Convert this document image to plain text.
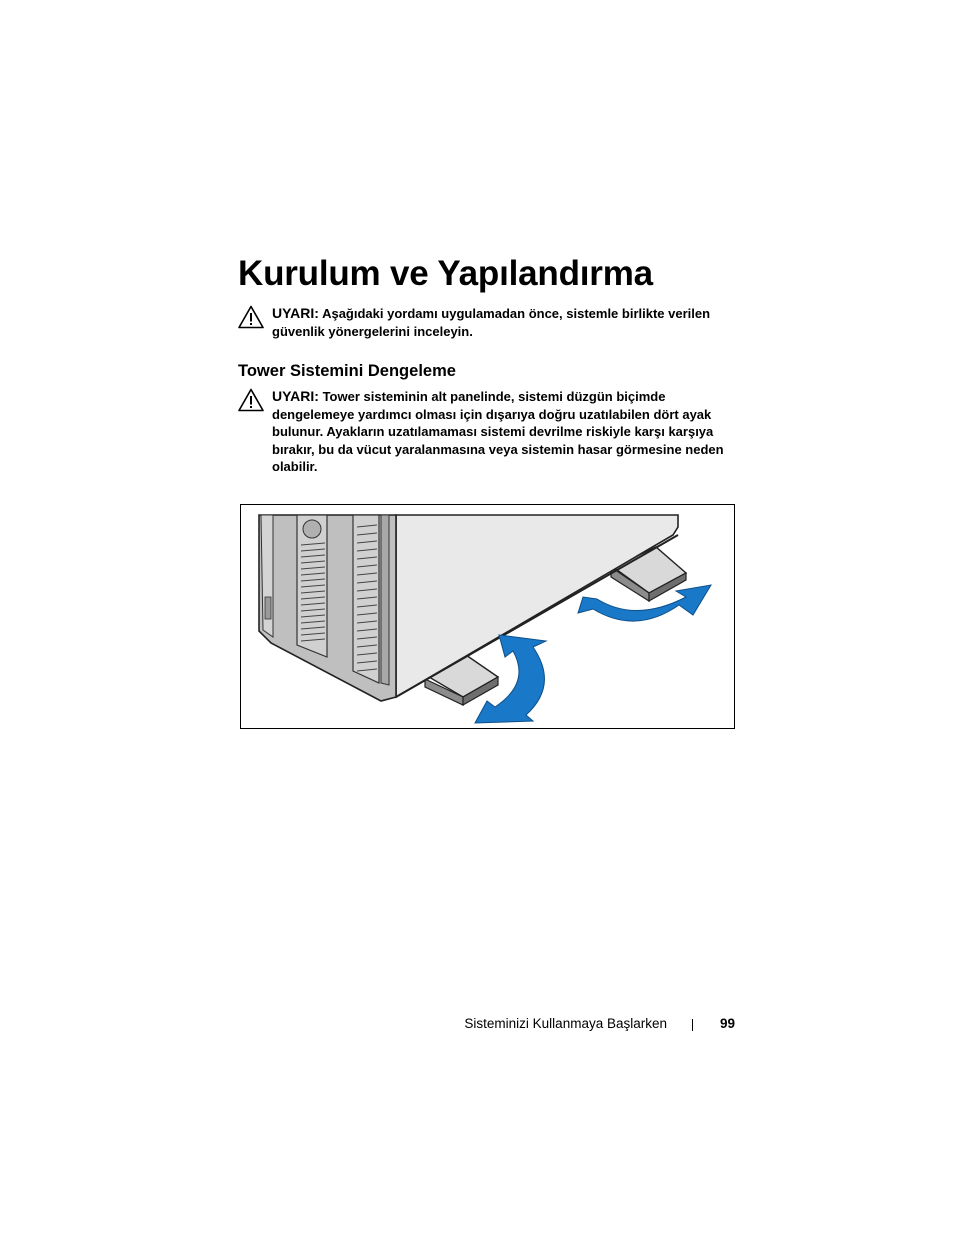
Kurulum ve Yapılandırma
UYARI: Aşağıdaki yordamı uygulamadan önce, sistemle birlikte verilen güvenlik yönergelerini inceleyin.
Tower Sistemini Dengeleme
UYARI: Tower sisteminin alt panelinde, sistemi düzgün biçimde dengelemeye yardımcı olması için dışarıya doğru uzatılabilen dört ayak bulunur. Ayakların uzatılamaması sistemi devrilme riskiyle karşı karşıya bırakır, bu da vücut yaralanmasına veya sistemin hasar görmesine neden olabilir.
Sisteminizi Kullanmaya Başlarken	99
